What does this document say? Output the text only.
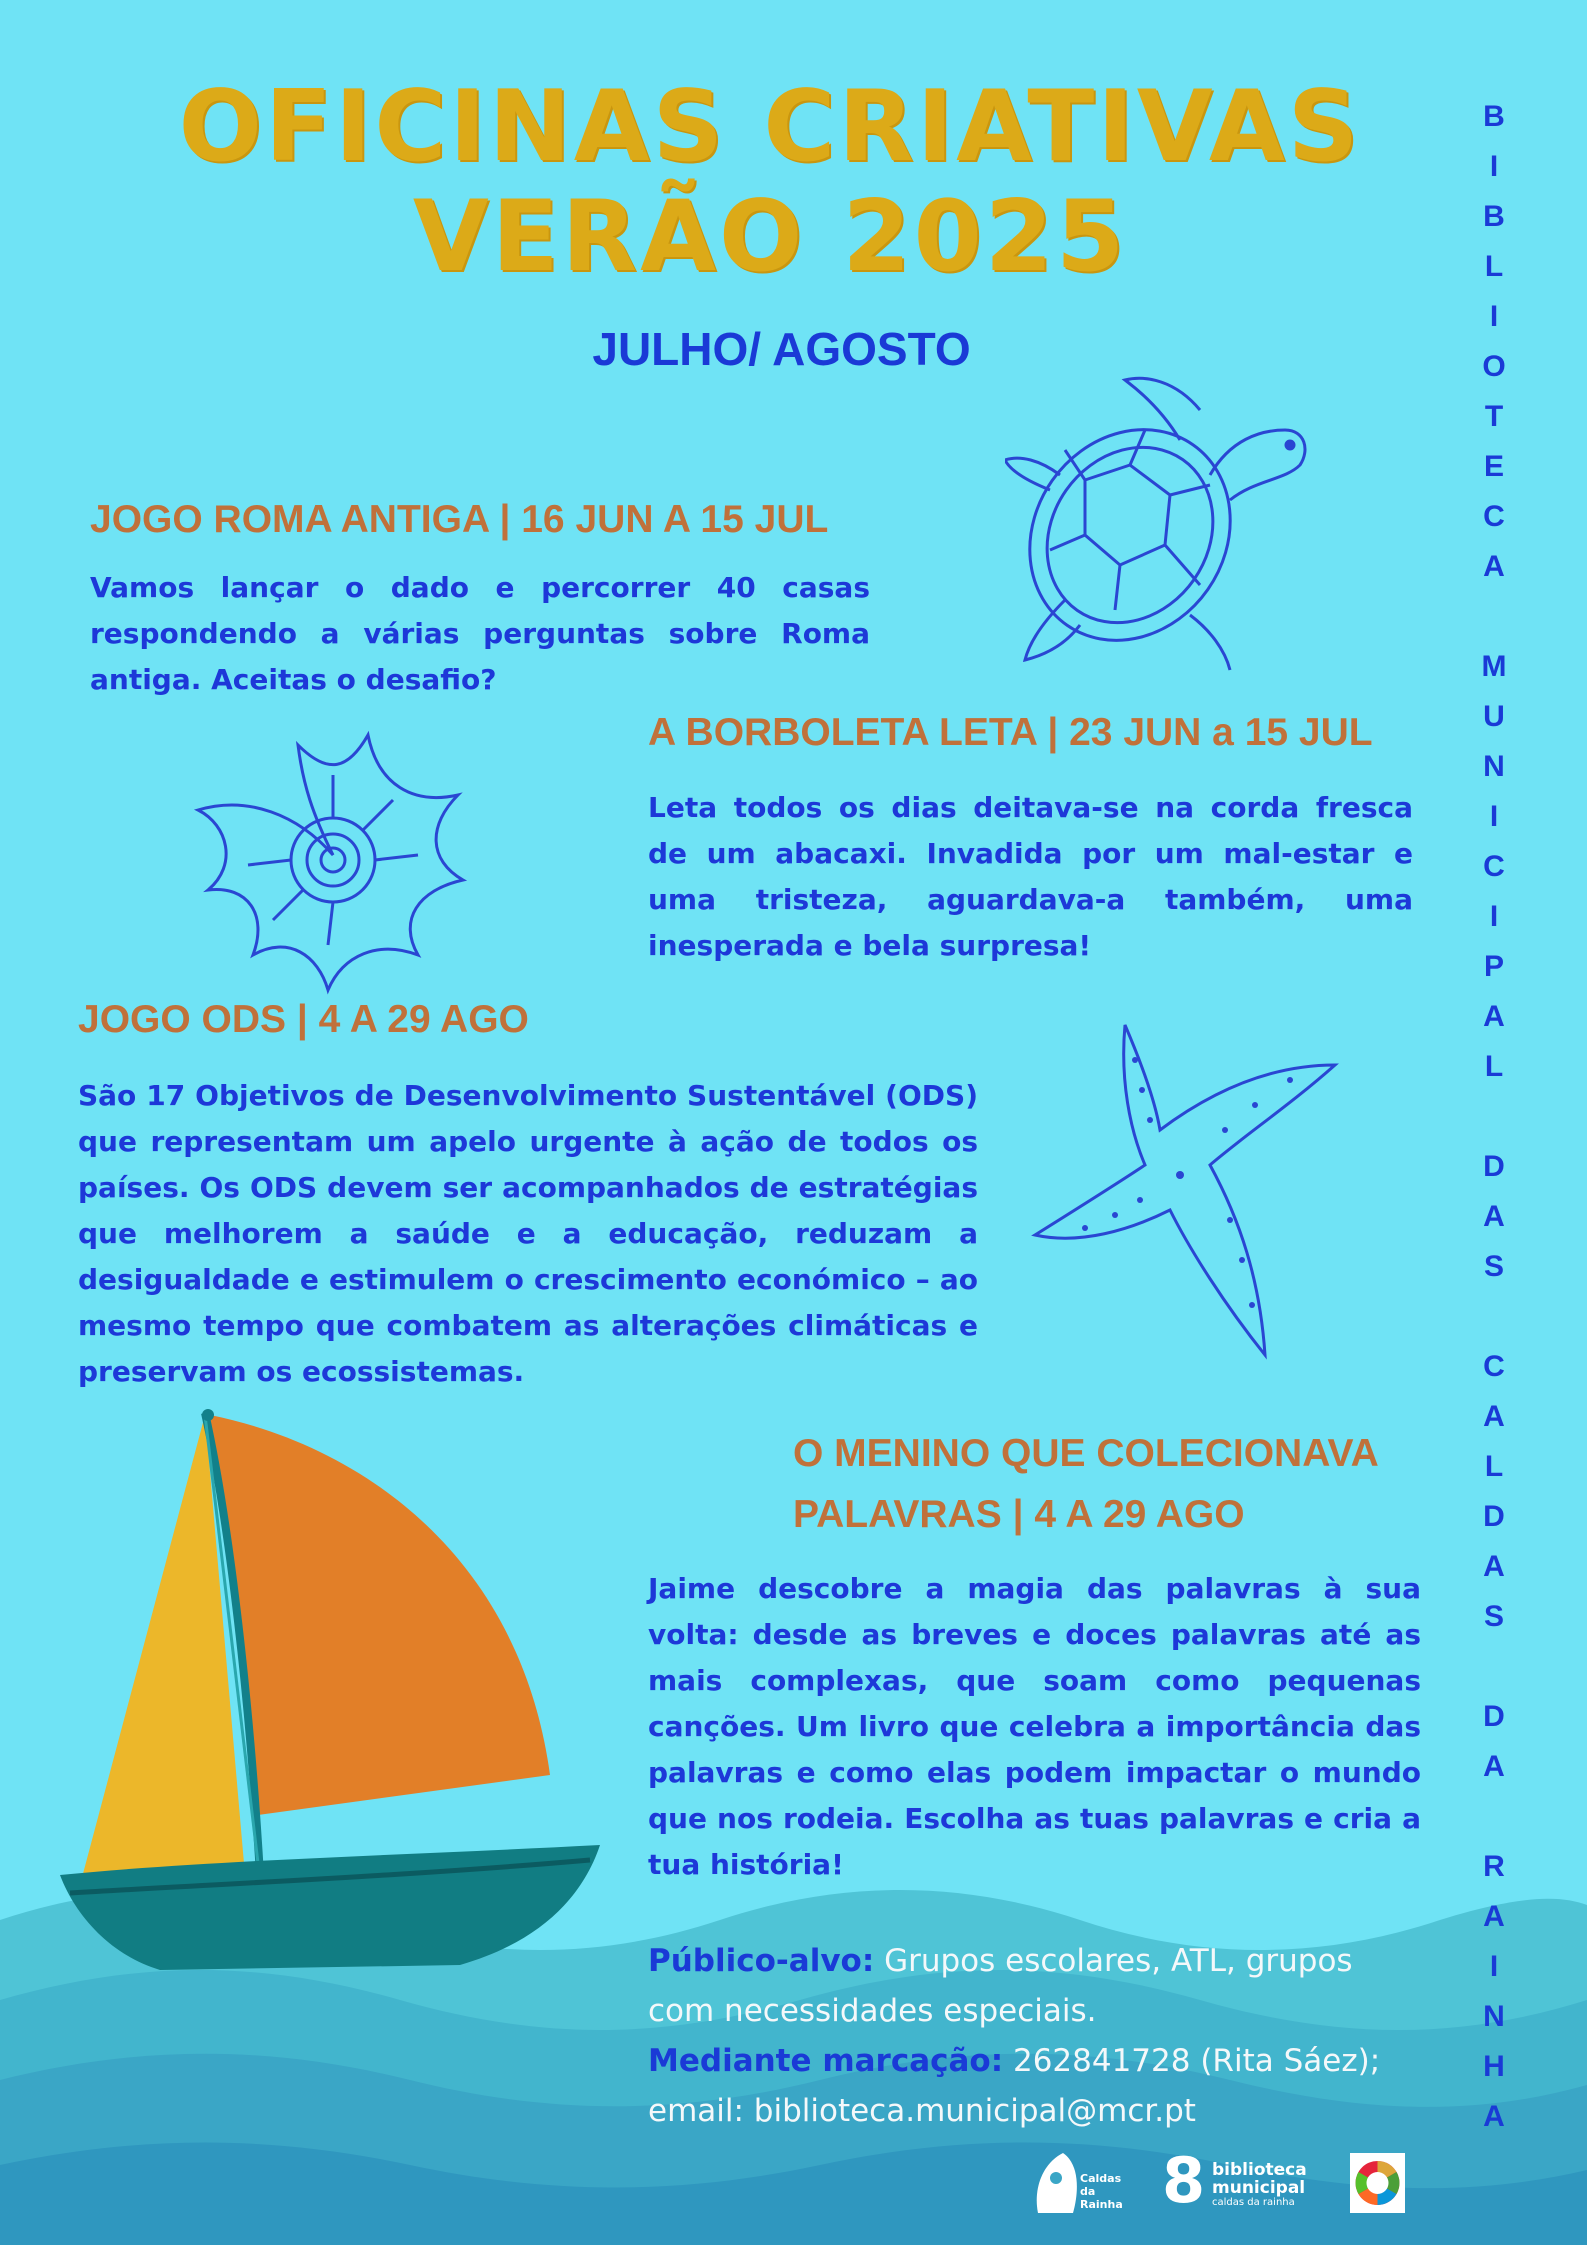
OFICINAS CRIATIVAS
VERÃO 2025
JULHO/ AGOSTO
B
I
B
L
I
O
T
E
C
A
M
U
N
I
C
I
P
A
L
D
A
S
C
A
L
D
A
S
D
A
R
A
I
N
H
A
JOGO ROMA ANTIGA | 16 JUN A 15 JUL
Vamos lançar o dado e percorrer 40 casas respondendo a várias perguntas sobre Roma antiga. Aceitas o desafio?
A BORBOLETA LETA | 23 JUN a 15 JUL
Leta todos os dias deitava-se na corda fresca de um abacaxi. Invadida por um mal-estar e uma tristeza, aguardava-a também, uma inesperada e bela surpresa!
JOGO ODS | 4 A 29 AGO
São 17 Objetivos de Desenvolvimento Sustentável (ODS) que representam um apelo urgente à ação de todos os países. Os ODS devem ser acompanhados de estratégias que melhorem a saúde e a educação, reduzam a desigualdade e estimulem o crescimento económico – ao mesmo tempo que combatem as alterações climáticas e preservam os ecossistemas.
O MENINO QUE COLECIONAVA
PALAVRAS | 4 A 29 AGO
Jaime descobre a magia das palavras à sua volta: desde as breves e doces palavras até as mais complexas, que soam como pequenas canções. Um livro que celebra a importância das palavras e como elas podem impactar o mundo que nos rodeia. Escolha as tuas palavras e cria a tua história!
Público-alvo: Grupos escolares, ATL, grupos com necessidades especiais.
Mediante marcação: 262841728 (Rita Sáez);
email: biblioteca.municipal@mcr.pt
Caldas da Rainha 8 biblioteca
municipal
caldas da rainha
